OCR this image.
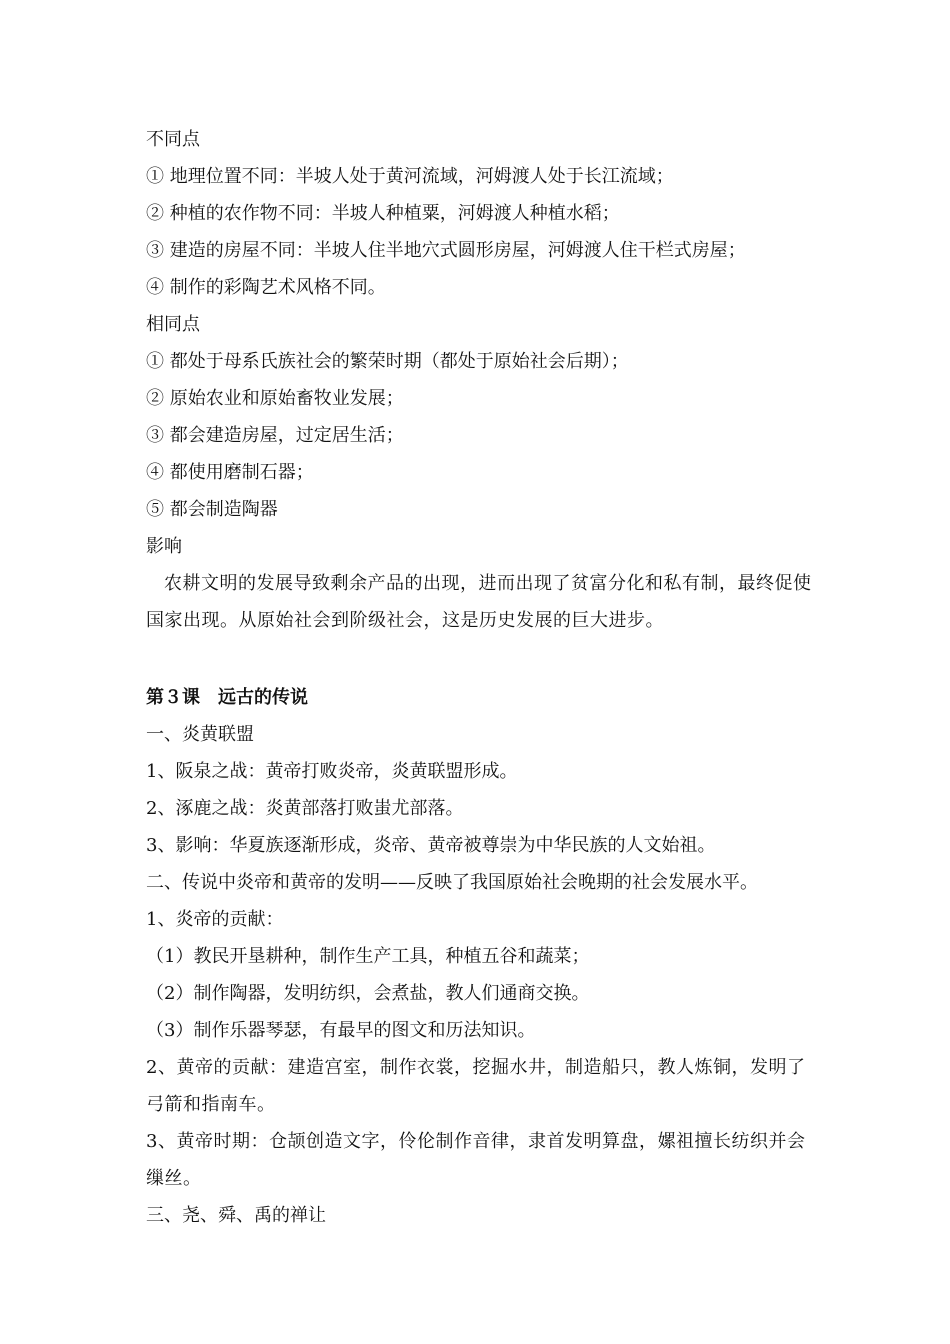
不同点
① 地理位置不同：半坡人处于黄河流域，河姆渡人处于长江流域；
② 种植的农作物不同：半坡人种植粟，河姆渡人种植水稻；
③ 建造的房屋不同：半坡人住半地穴式圆形房屋，河姆渡人住干栏式房屋；
④ 制作的彩陶艺术风格不同。
相同点
① 都处于母系氏族社会的繁荣时期（都处于原始社会后期）；
② 原始农业和原始畜牧业发展；
③ 都会建造房屋，过定居生活；
④ 都使用磨制石器；
⑤ 都会制造陶器
影响
农耕文明的发展导致剩余产品的出现，进而出现了贫富分化和私有制，最终促使国家出现。从原始社会到阶级社会，这是历史发展的巨大进步。
第３课　远古的传说
一、炎黄联盟
1、阪泉之战：黄帝打败炎帝，炎黄联盟形成。
2、涿鹿之战：炎黄部落打败蚩尤部落。
3、影响：华夏族逐渐形成，炎帝、黄帝被尊崇为中华民族的人文始祖。
二、传说中炎帝和黄帝的发明——反映了我国原始社会晚期的社会发展水平。
1、炎帝的贡献：
（1）教民开垦耕种，制作生产工具，种植五谷和蔬菜；
（2）制作陶器，发明纺织，会煮盐，教人们通商交换。
（3）制作乐器琴瑟，有最早的图文和历法知识。
2、黄帝的贡献：建造宫室，制作衣裳，挖掘水井，制造船只，教人炼铜，发明了弓箭和指南车。
3、黄帝时期：仓颉创造文字，伶伦制作音律，隶首发明算盘，嫘祖擅长纺织并会缫丝。
三、尧、舜、禹的禅让
